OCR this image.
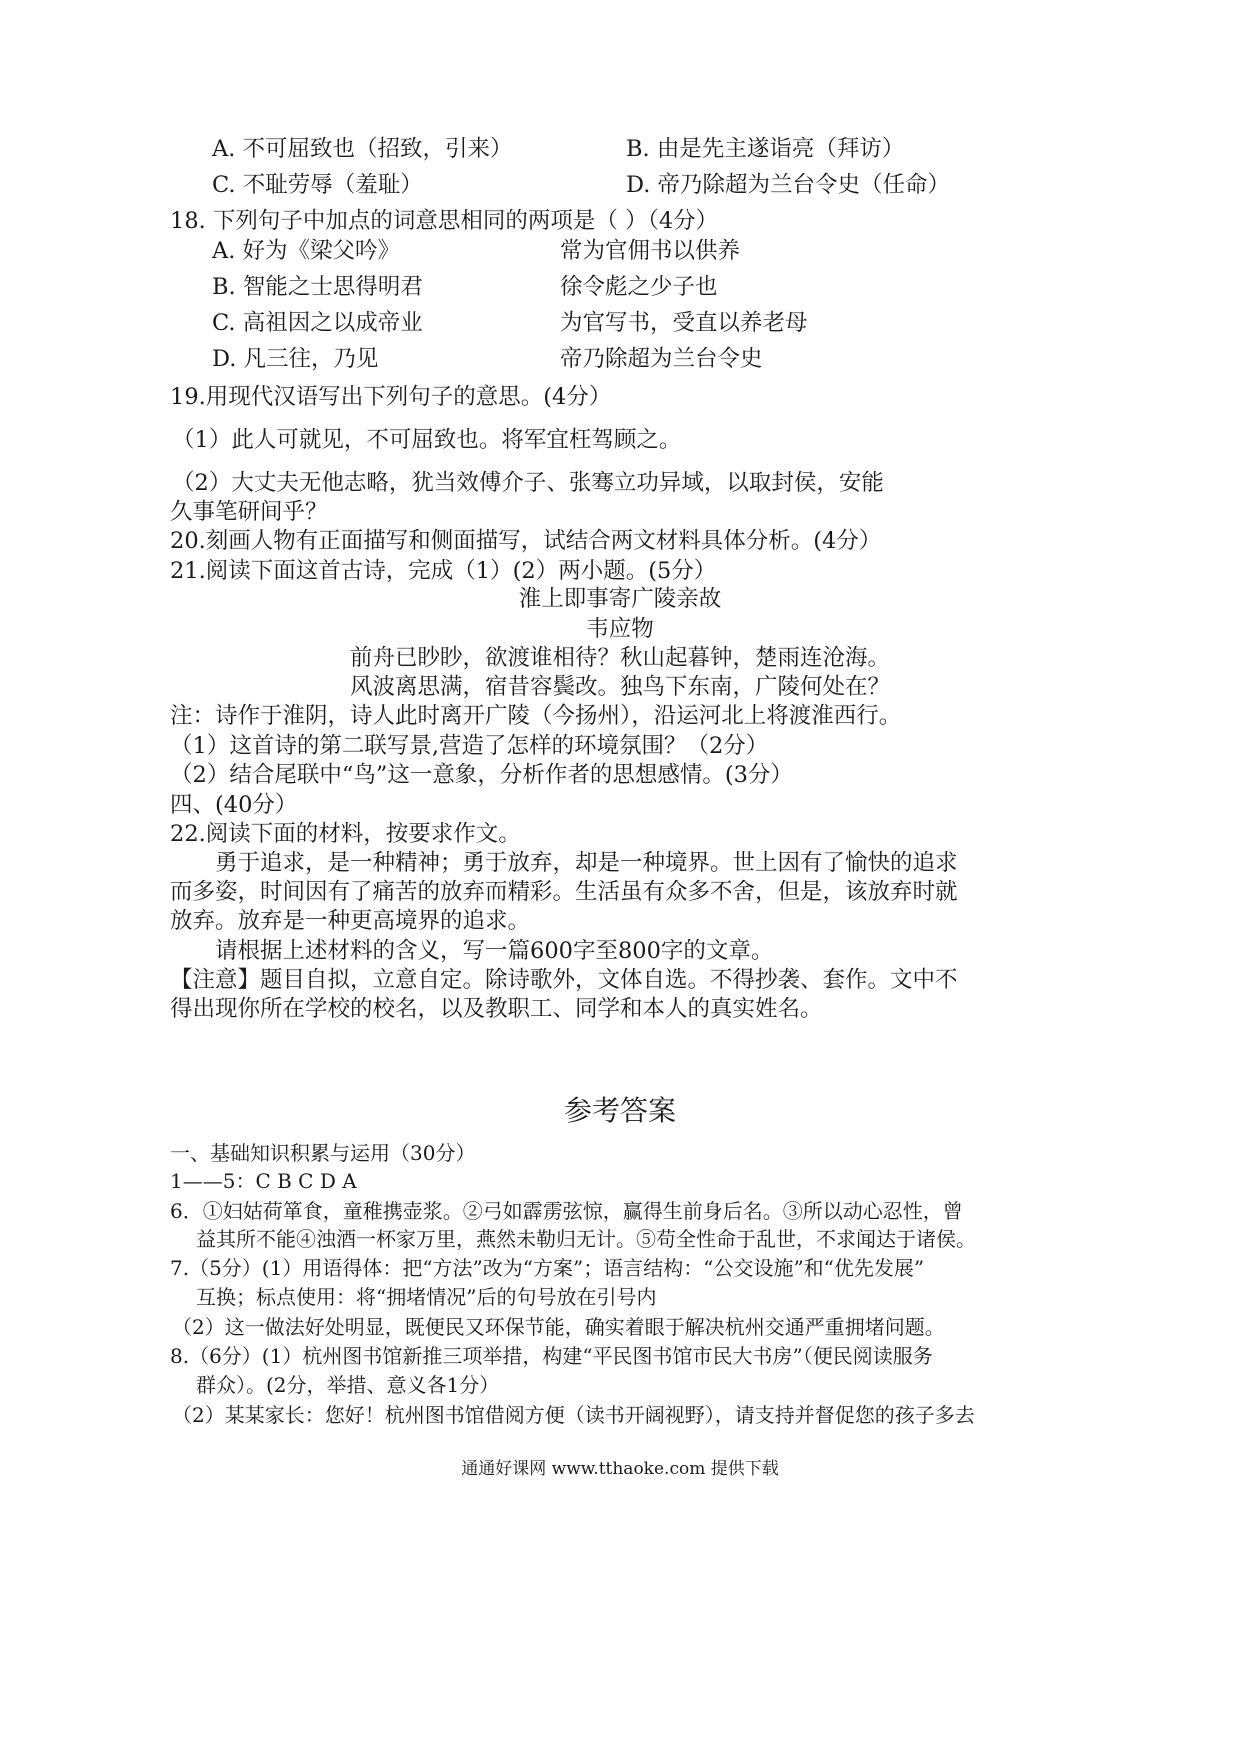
A. 不可屈致也（招致，引来）	B. 由是先主遂诣亮（拜访）
C. 不耻劳辱（羞耻）	D. 帝乃除超为兰台令史（任命）
18. 下列句子中加点的词意思相同的两项是（ ）（4分）
A. 好为《梁父吟》	常为官佣书以供养
B. 智能之士思得明君	徐令彪之少子也
C. 高祖因之以成帝业	为官写书，受直以养老母
D. 凡三往，乃见	帝乃除超为兰台令史
19.用现代汉语写出下列句子的意思。(4分）
（1）此人可就见，不可屈致也。将军宜枉驾顾之。
（2）大丈夫无他志略，犹当效傅介子、张骞立功异域，以取封侯，安能
久事笔研间乎？
20.刻画人物有正面描写和侧面描写，试结合两文材料具体分析。(4分）
21.阅读下面这首古诗，完成（1）(2）两小题。(5分）
淮上即事寄广陵亲故
韦应物
前舟已眇眇，欲渡谁相待？秋山起暮钟，楚雨连沧海。
风波离思满，宿昔容鬓改。独鸟下东南，广陵何处在？
注：诗作于淮阴，诗人此时离开广陵（今扬州），沿运河北上将渡淮西行。
（1）这首诗的第二联写景,营造了怎样的环境氛围？（2分）
（2）结合尾联中“鸟”这一意象，分析作者的思想感情。(3分）
四、(40分）
22.阅读下面的材料，按要求作文。
勇于追求，是一种精神；勇于放弃，却是一种境界。世上因有了愉快的追求
而多姿，时间因有了痛苦的放弃而精彩。生活虽有众多不舍，但是，该放弃时就
放弃。放弃是一种更高境界的追求。
请根据上述材料的含义，写一篇600字至800字的文章。
【注意】题目自拟，立意自定。除诗歌外，文体自选。不得抄袭、套作。文中不
得出现你所在学校的校名，以及教职工、同学和本人的真实姓名。
参考答案
一、基础知识积累与运用（30分）
1——5：C B C D A
6．①妇姑荷箪食，童稚携壶浆。②弓如霹雳弦惊，赢得生前身后名。③所以动心忍性，曾
益其所不能④浊酒一杯家万里，燕然未勒归无计。⑤苟全性命于乱世，不求闻达于诸侯。
7.（5分）(1）用语得体：把“方法”改为“方案”；语言结构：“公交设施”和“优先发展”
互换；标点使用：将“拥堵情况”后的句号放在引号内
（2）这一做法好处明显，既便民又环保节能，确实着眼于解决杭州交通严重拥堵问题。
8.（6分）(1）杭州图书馆新推三项举措，构建“平民图书馆市民大书房”（便民阅读服务
群众）。(2分，举措、意义各1分）
（2）某某家长：您好！杭州图书馆借阅方便（读书开阔视野），请支持并督促您的孩子多去
通通好课网 www.tthaoke.com 提供下载
